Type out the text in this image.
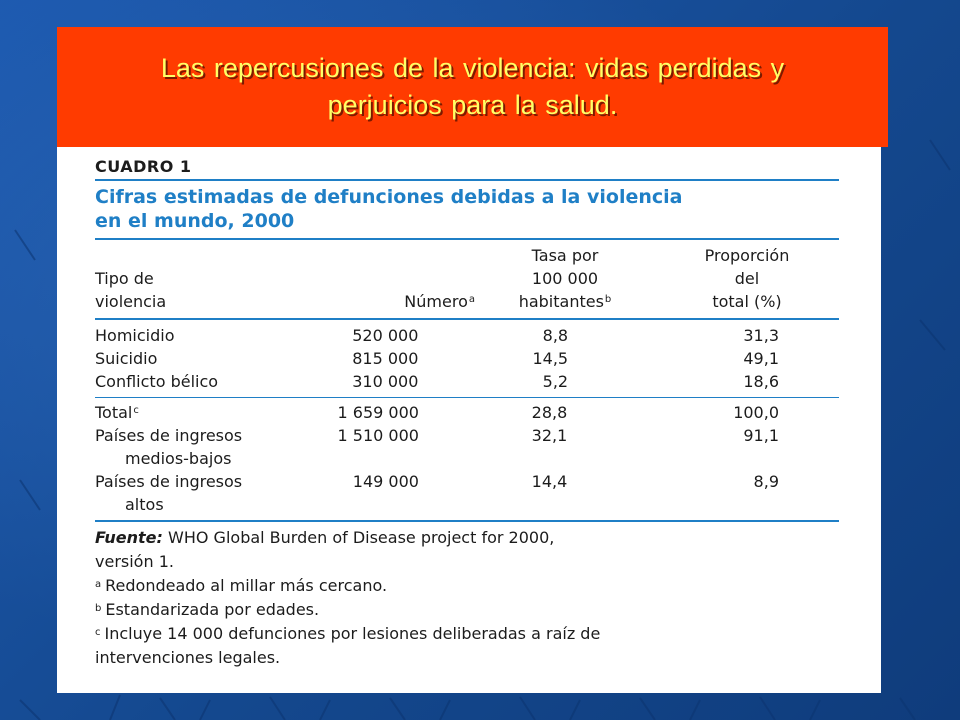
Las repercusiones de la violencia: vidas perdidas y
perjuicios para la salud.
CUADRO 1
Cifras estimadas de defunciones debidas a la violencia
en el mundo, 2000
		Tasa por	Proporción
Tipo de		100 000	del
violencia	Número$^a$	habitantes$^b$	total (%)
Homicidio	520 000	8,8	31,3
Suicidio	815 000	14,5	49,1
Conflicto bélico	310 000	5,2	18,6
Total$^c$	1 659 000	28,8	100,0
Países de ingresos	1 510 000	32,1	91,1
medios-bajos			
Países de ingresos	149 000	14,4	8,9
altos			
Fuente: WHO Global Burden of Disease project for 2000,
versión 1.
$^a$ Redondeado al millar más cercano.
$^b$ Estandarizada por edades.
$^c$ Incluye 14 000 defunciones por lesiones deliberadas a raíz de
intervenciones legales.
